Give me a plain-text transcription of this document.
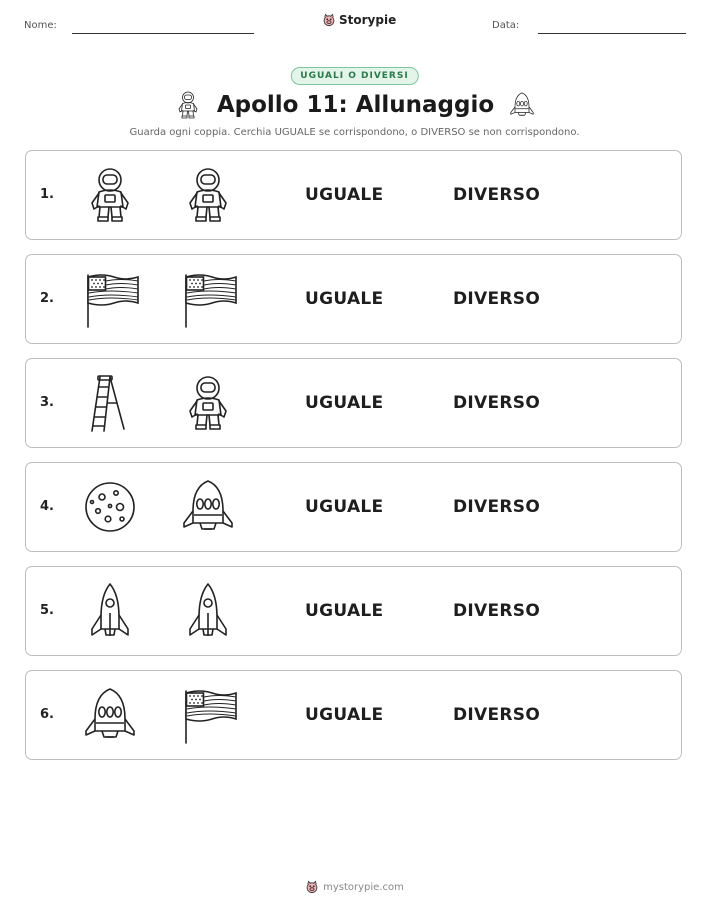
Nome:	Storypie	Data:
UGUALI O DIVERSI
Apollo 11: Allunaggio
Guarda ogni coppia. Cerchia UGUALE se corrispondono, o DIVERSO se non corrispondono.
1.	UGUALE	DIVERSO
2.	UGUALE	DIVERSO
3.	UGUALE	DIVERSO
4.	UGUALE	DIVERSO
5.	UGUALE	DIVERSO
6.	UGUALE	DIVERSO
mystorypie.com
